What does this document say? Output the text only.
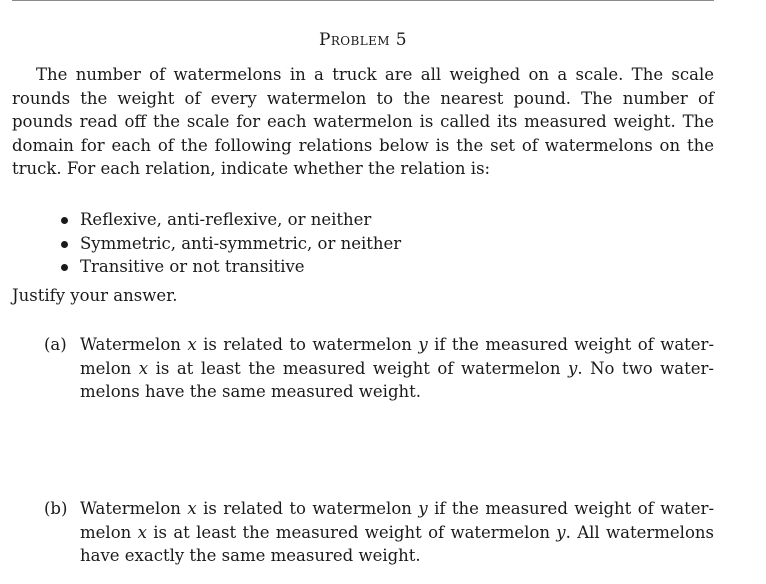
Problem 5

The number of watermelons in a truck are all weighed on a scale. The scale rounds the weight of every watermelon to the nearest pound. The number of pounds read off the scale for each watermelon is called its measured weight. The domain for each of the following relations below is the set of watermelons on the truck. For each relation, indicate whether the relation is:

Reflexive, anti-reflexive, or neither
Symmetric, anti-symmetric, or neither
Transitive or not transitive
Justify your answer.
(a) Watermelon x is related to watermelon y if the measured weight of watermelon x is at least the measured weight of watermelon y. No two watermelons have the same measured weight.
(b) Watermelon x is related to watermelon y if the measured weight of watermelon x is at least the measured weight of watermelon y. All watermelons have exactly the same measured weight.
